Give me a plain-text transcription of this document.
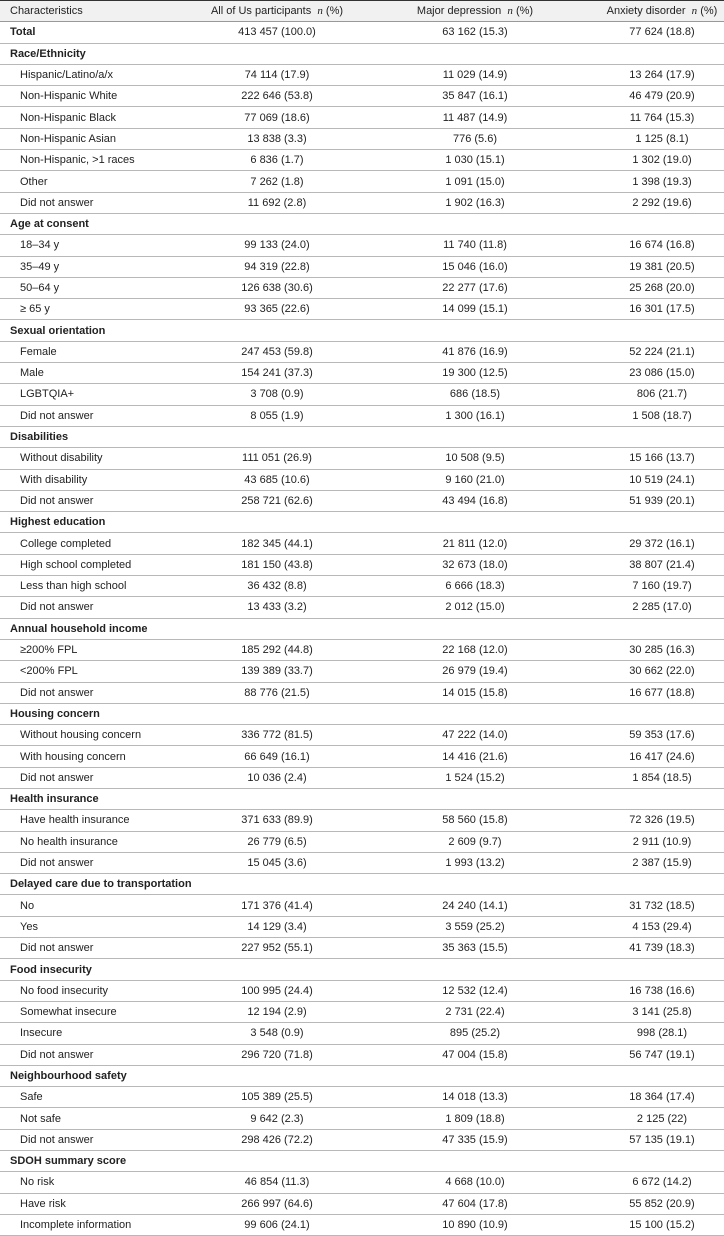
Characteristics	All of Us participants n (%)	Major depression n (%)	Anxiety disorder n (%)
Total	413 457 (100.0)	63 162 (15.3)	77 624 (18.8)
Race/Ethnicity			
Hispanic/Latino/a/x	74 114 (17.9)	11 029 (14.9)	13 264 (17.9)
Non-Hispanic White	222 646 (53.8)	35 847 (16.1)	46 479 (20.9)
Non-Hispanic Black	77 069 (18.6)	11 487 (14.9)	11 764 (15.3)
Non-Hispanic Asian	13 838 (3.3)	776 (5.6)	1 125 (8.1)
Non-Hispanic, >1 races	6 836 (1.7)	1 030 (15.1)	1 302 (19.0)
Other	7 262 (1.8)	1 091 (15.0)	1 398 (19.3)
Did not answer	11 692 (2.8)	1 902 (16.3)	2 292 (19.6)
Age at consent			
18–34 y	99 133 (24.0)	11 740 (11.8)	16 674 (16.8)
35–49 y	94 319 (22.8)	15 046 (16.0)	19 381 (20.5)
50–64 y	126 638 (30.6)	22 277 (17.6)	25 268 (20.0)
≥ 65 y	93 365 (22.6)	14 099 (15.1)	16 301 (17.5)
Sexual orientation			
Female	247 453 (59.8)	41 876 (16.9)	52 224 (21.1)
Male	154 241 (37.3)	19 300 (12.5)	23 086 (15.0)
LGBTQIA+	3 708 (0.9)	686 (18.5)	806 (21.7)
Did not answer	8 055 (1.9)	1 300 (16.1)	1 508 (18.7)
Disabilities			
Without disability	111 051 (26.9)	10 508 (9.5)	15 166 (13.7)
With disability	43 685 (10.6)	9 160 (21.0)	10 519 (24.1)
Did not answer	258 721 (62.6)	43 494 (16.8)	51 939 (20.1)
Highest education			
College completed	182 345 (44.1)	21 811 (12.0)	29 372 (16.1)
High school completed	181 150 (43.8)	32 673 (18.0)	38 807 (21.4)
Less than high school	36 432 (8.8)	6 666 (18.3)	7 160 (19.7)
Did not answer	13 433 (3.2)	2 012 (15.0)	2 285 (17.0)
Annual household income			
≥200% FPL	185 292 (44.8)	22 168 (12.0)	30 285 (16.3)
<200% FPL	139 389 (33.7)	26 979 (19.4)	30 662 (22.0)
Did not answer	88 776 (21.5)	14 015 (15.8)	16 677 (18.8)
Housing concern			
Without housing concern	336 772 (81.5)	47 222 (14.0)	59 353 (17.6)
With housing concern	66 649 (16.1)	14 416 (21.6)	16 417 (24.6)
Did not answer	10 036 (2.4)	1 524 (15.2)	1 854 (18.5)
Health insurance			
Have health insurance	371 633 (89.9)	58 560 (15.8)	72 326 (19.5)
No health insurance	26 779 (6.5)	2 609 (9.7)	2 911 (10.9)
Did not answer	15 045 (3.6)	1 993 (13.2)	2 387 (15.9)
Delayed care due to transportation			
No	171 376 (41.4)	24 240 (14.1)	31 732 (18.5)
Yes	14 129 (3.4)	3 559 (25.2)	4 153 (29.4)
Did not answer	227 952 (55.1)	35 363 (15.5)	41 739 (18.3)
Food insecurity			
No food insecurity	100 995 (24.4)	12 532 (12.4)	16 738 (16.6)
Somewhat insecure	12 194 (2.9)	2 731 (22.4)	3 141 (25.8)
Insecure	3 548 (0.9)	895 (25.2)	998 (28.1)
Did not answer	296 720 (71.8)	47 004 (15.8)	56 747 (19.1)
Neighbourhood safety			
Safe	105 389 (25.5)	14 018 (13.3)	18 364 (17.4)
Not safe	9 642 (2.3)	1 809 (18.8)	2 125 (22)
Did not answer	298 426 (72.2)	47 335 (15.9)	57 135 (19.1)
SDOH summary score			
No risk	46 854 (11.3)	4 668 (10.0)	6 672 (14.2)
Have risk	266 997 (64.6)	47 604 (17.8)	55 852 (20.9)
Incomplete information	99 606 (24.1)	10 890 (10.9)	15 100 (15.2)
